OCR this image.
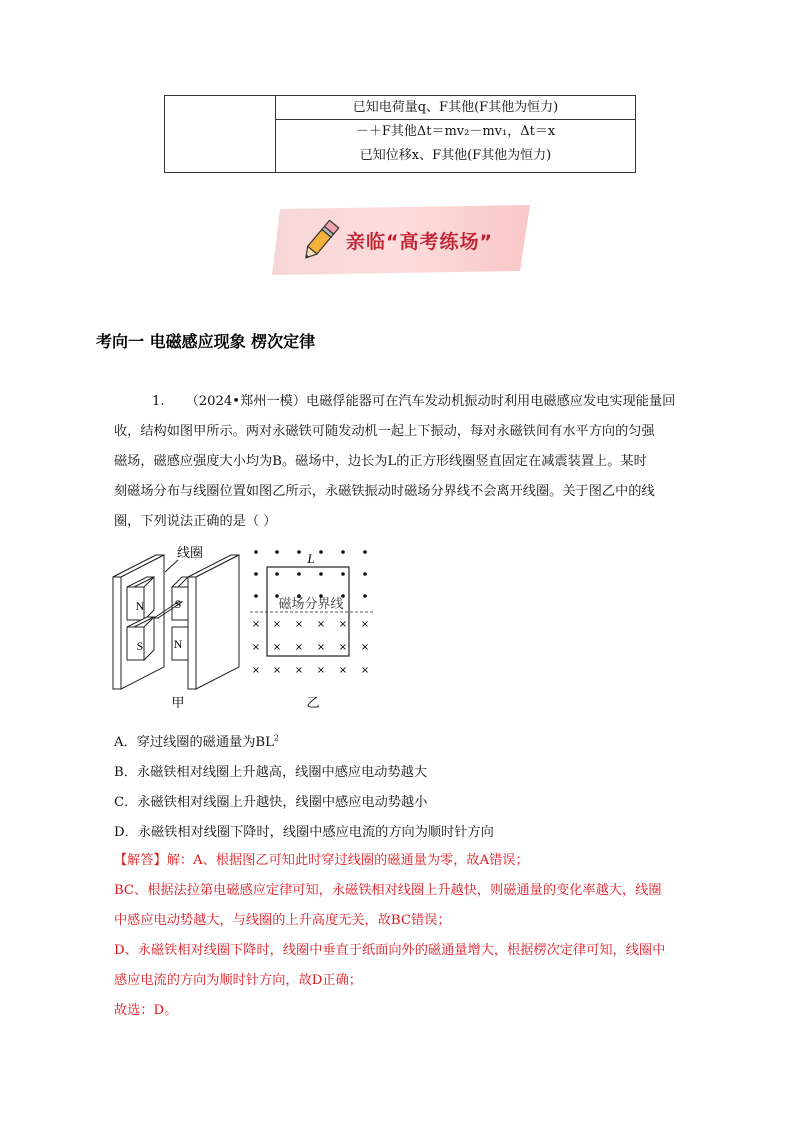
已知电荷量q、F其他(F其他为恒力)
－＋F其他Δt＝mv₂－mv₁，Δt＝x
已知位移x、F其他(F其他为恒力)
亲临“高考练场”
考向一 电磁感应现象 楞次定律
1. （2024•郑州一模）电磁俘能器可在汽车发动机振动时利用电磁感应发电实现能量回
收，结构如图甲所示。两对永磁铁可随发动机一起上下振动，每对永磁铁间有水平方向的匀强
磁场，磁感应强度大小均为B。磁场中，边长为L的正方形线圈竖直固定在减震装置上。某时
刻磁场分布与线圈位置如图乙所示，永磁铁振动时磁场分界线不会离开线圈。关于图乙中的线
圈，下列说法正确的是（ ）
N
S
S
N
线圈
甲
× × × × × ×
× × × × × ×
× × × × × ×
L
磁场分界线
乙
A．穿过线圈的磁通量为$BL^2$
B．永磁铁相对线圈上升越高，线圈中感应电动势越大
C．永磁铁相对线圈上升越快，线圈中感应电动势越小
D．永磁铁相对线圈下降时，线圈中感应电流的方向为顺时针方向
【解答】解：A、根据图乙可知此时穿过线圈的磁通量为零，故A错误；
BC、根据法拉第电磁感应定律可知，永磁铁相对线圈上升越快，则磁通量的变化率越大，线圈
中感应电动势越大，与线圈的上升高度无关，故BC错误；
D、永磁铁相对线圈下降时，线圈中垂直于纸面向外的磁通量增大，根据楞次定律可知，线圈中
感应电流的方向为顺时针方向，故D正确；
故选：D。
